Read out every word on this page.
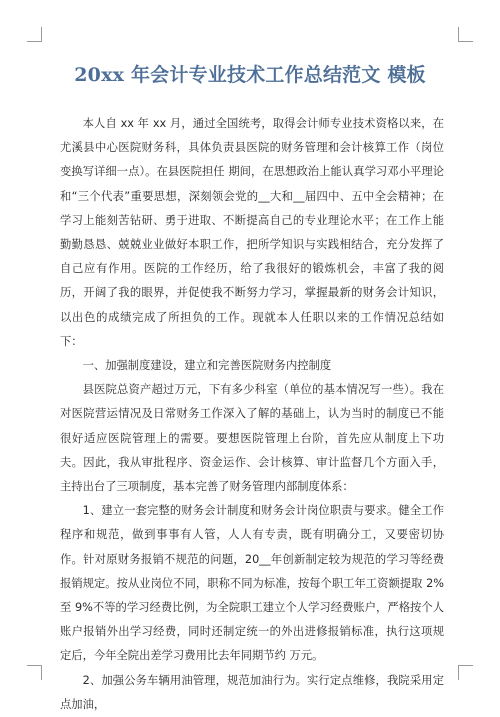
20xx 年会计专业技术工作总结范文 模板

本人自 xx 年 xx 月，通过全国统考，取得会计师专业技术资格以来，在尤溪县中心医院财务科，具体负责县医院的财务管理和会计核算工作（岗位变换写详细一点）。在县医院担任 期间，在思想政治上能认真学习邓小平理论和“三个代表”重要思想，深刻领会党的__大和__届四中、五中全会精神；在学习上能刻苦钻研、勇于进取、不断提高自己的专业理论水平；在工作上能勤勤恳恳、兢兢业业做好本职工作，把所学知识与实践相结合，充分发挥了自己应有作用。医院的工作经历，给了我很好的锻炼机会，丰富了我的阅历，开阔了我的眼界，并促使我不断努力学习，掌握最新的财务会计知识，以出色的成绩完成了所担负的工作。现就本人任职以来的工作情况总结如下：

一、加强制度建设，建立和完善医院财务内控制度

县医院总资产超过万元，下有多少科室（单位的基本情况写一些）。我在对医院营运情况及日常财务工作深入了解的基础上，认为当时的制度已不能很好适应医院管理上的需要。要想医院管理上台阶，首先应从制度上下功夫。因此，我从审批程序、资金运作、会计核算、审计监督几个方面入手，主持出台了三项制度，基本完善了财务管理内部制度体系：

1、建立一套完整的财务会计制度和财务会计岗位职责与要求。健全工作程序和规范，做到事事有人管，人人有专责，既有明确分工，又要密切协作。针对原财务报销不规范的问题，20__年创新制定较为规范的学习等经费报销规定。按从业岗位不同，职称不同为标准，按每个职工年工资额提取 2%至 9%不等的学习经费比例，为全院职工建立个人学习经费账户，严格按个人账户报销外出学习经费，同时还制定统一的外出进修报销标准，执行这项规定后，今年全院出差学习费用比去年同期节约 万元。

2、加强公务车辆用油管理，规范加油行为。实行定点维修，我院采用定点加油，
